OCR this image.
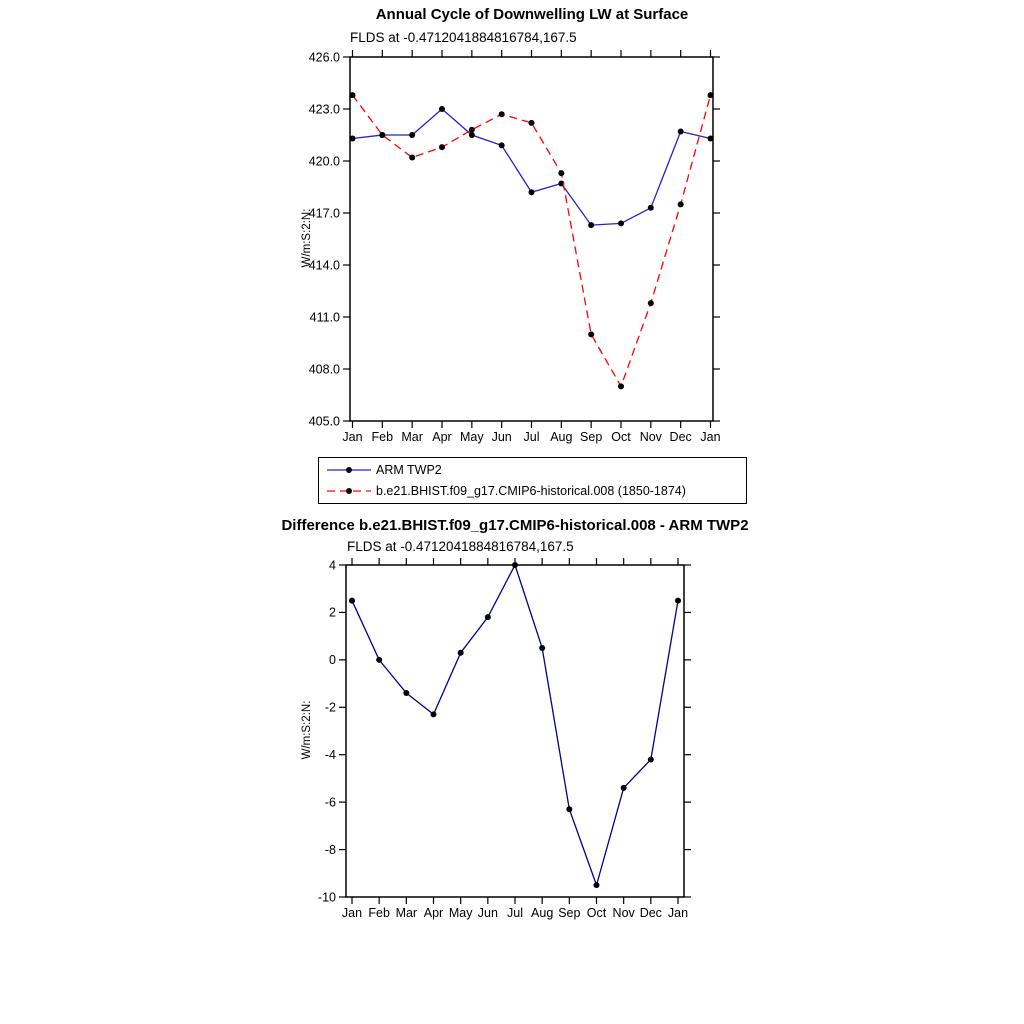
Annual Cycle of Downwelling LW at Surface
FLDS at -0.4712041884816784,167.5
W/m:S:2:N:
405.0
408.0
411.0
414.0
417.0
420.0
423.0
426.0
Jan Feb Mar Apr May Jun Jul Aug Sep Oct Nov Dec Jan
ARM TWP2
b.e21.BHIST.f09_g17.CMIP6-historical.008 (1850-1874)
Difference b.e21.BHIST.f09_g17.CMIP6-historical.008 - ARM TWP2
FLDS at -0.4712041884816784,167.5
W/m:S:2:N:
-10
-8
-6
-4
-2
0
2
4
Jan Feb Mar Apr May Jun Jul Aug Sep Oct Nov Dec Jan
